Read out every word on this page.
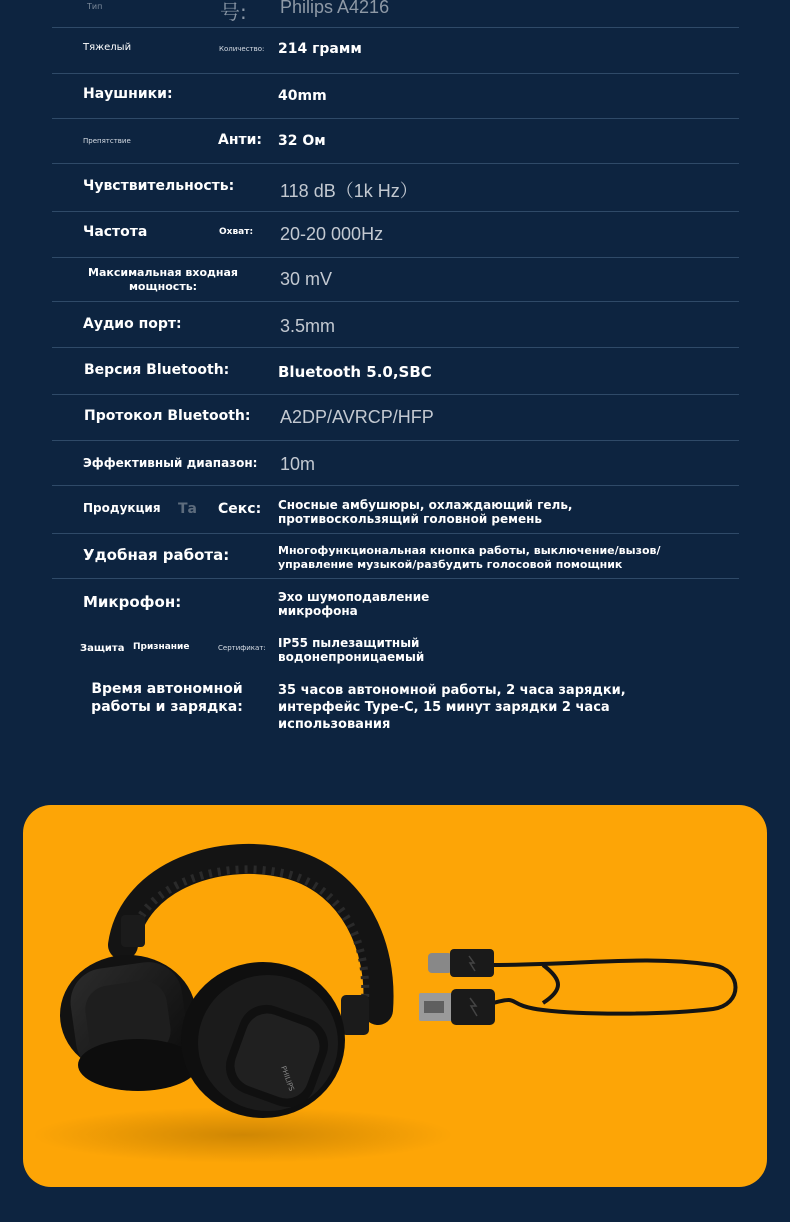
Тип	号: Philips A4216
Тяжелый	Количество: 214 грамм
Наушники:	40mm
Препятствие	Анти: 32 Ом
Чувствительность:	118 dB（1k Hz）
Частота	Охват: 20-20 000Hz
Максимальная входная
мощность:	30 mV
Аудио порт:	3.5mm
Версия Bluetooth:	Bluetooth 5.0,SBC
Протокол Bluetooth: A2DP/AVRCP/HFP
Эффективный диапазон: 10m
Продукция Та Секс: Сносные амбушюры, охлаждающий гель,
противоскользящий головной ремень
Удобная работа:	Многофункциональная кнопка работы, выключение/вызов/
управление музыкой/разбудить голосовой помощник
Микрофон:	Эхо шумоподавление
микрофона
Защита Признание	Сертификат: IP55 пылезащитный
водонепроницаемый
Время автономной
работы и зарядка:
35 часов автономной работы, 2 часа зарядки,
интерфейс Type-C, 15 минут зарядки 2 часа
использования
PHILIPS
